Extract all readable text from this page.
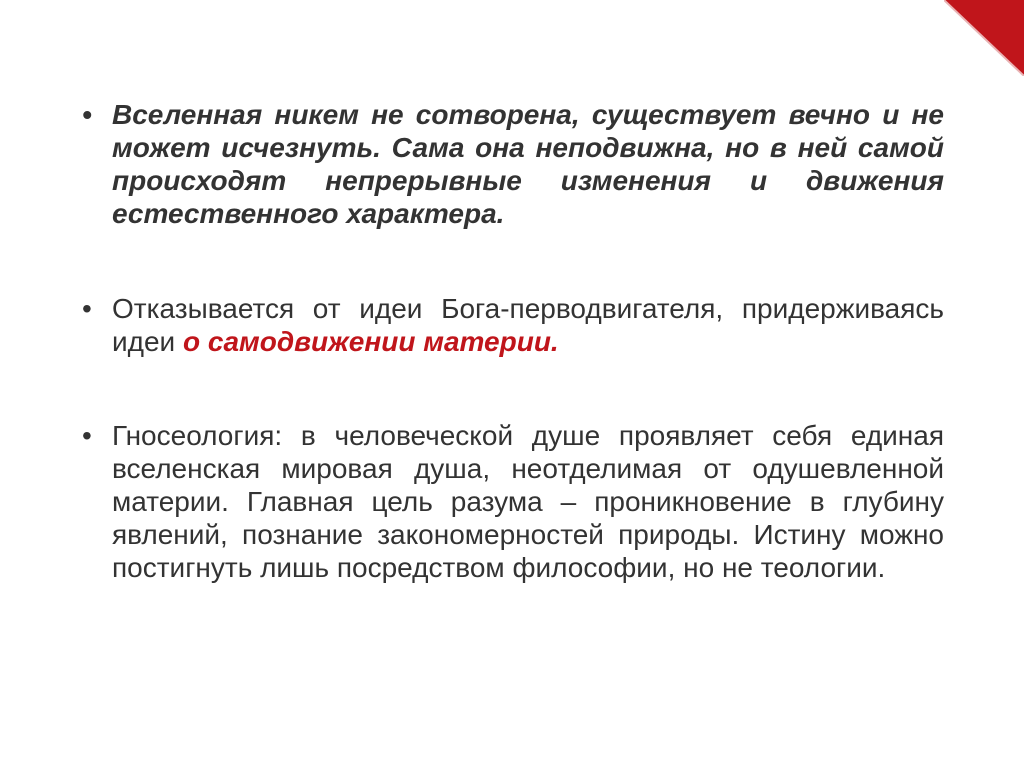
• Вселенная никем не сотворена, существует вечно и не может исчезнуть. Сама она неподвижна, но в ней самой происходят непрерывные изменения и движения естественного характера.
• Отказывается от идеи Бога-перводвигателя, придерживаясь идеи о самодвижении материи.
• Гносеология: в человеческой душе проявляет себя единая вселенская мировая душа, неотделимая от одушевленной материи. Главная цель разума – проникновение в глубину явлений, познание закономерностей природы. Истину можно постигнуть лишь посредством философии, но не теологии.
